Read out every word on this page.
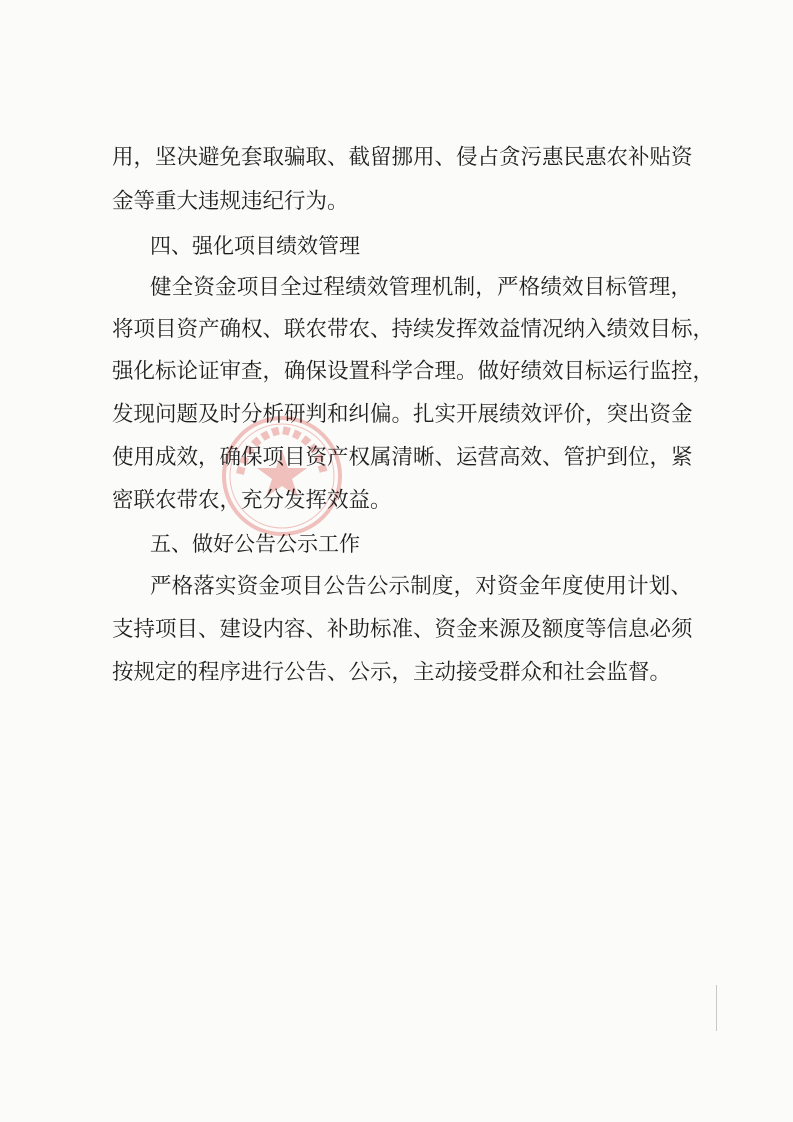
用，坚决避免套取骗取、截留挪用、侵占贪污惠民惠农补贴资
金等重大违规违纪行为。
四、强化项目绩效管理
健全资金项目全过程绩效管理机制，严格绩效目标管理，
将项目资产确权、联农带农、持续发挥效益情况纳入绩效目标，
强化标论证审查，确保设置科学合理。做好绩效目标运行监控，
发现问题及时分析研判和纠偏。扎实开展绩效评价，突出资金
使用成效，确保项目资产权属清晰、运营高效、管护到位，紧
密联农带农，充分发挥效益。
五、做好公告公示工作
严格落实资金项目公告公示制度，对资金年度使用计划、
支持项目、建设内容、补助标准、资金来源及额度等信息必须
按规定的程序进行公告、公示，主动接受群众和社会监督。
